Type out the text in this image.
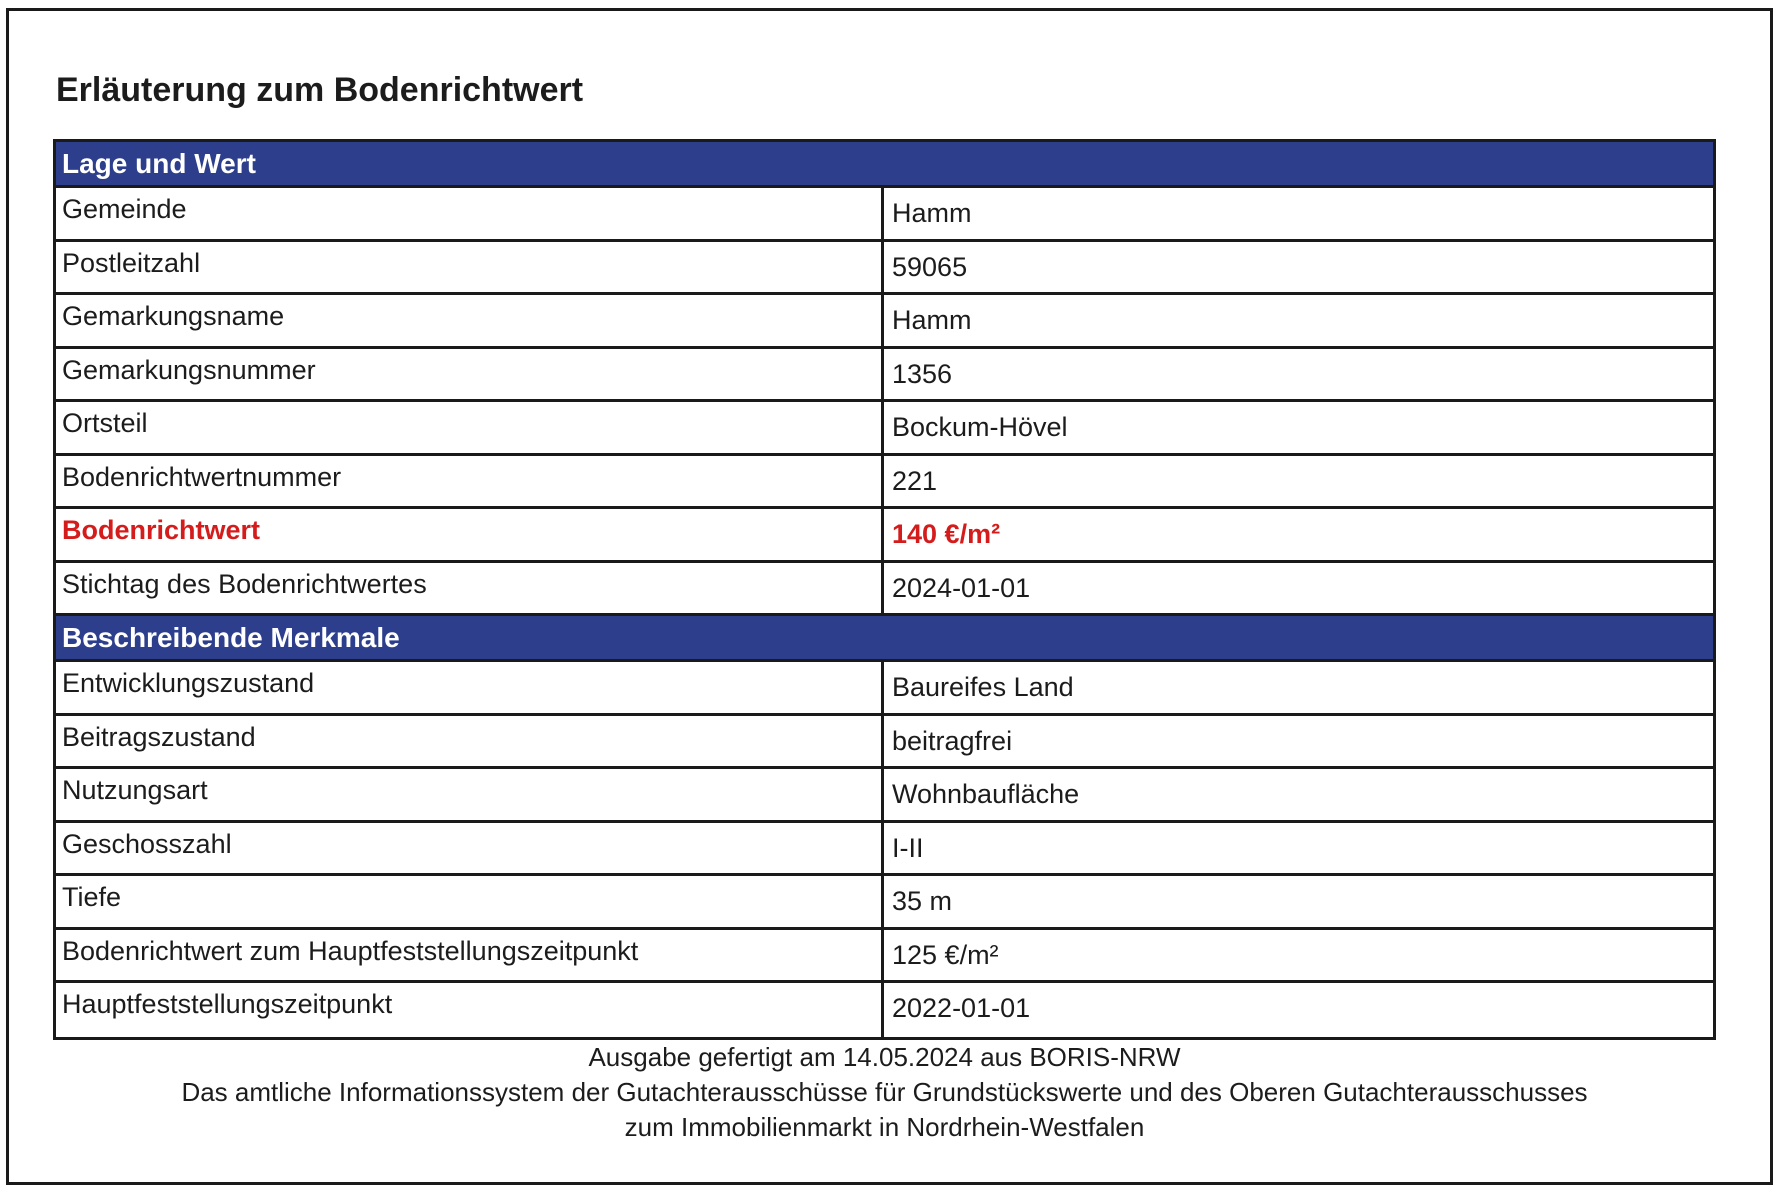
Erläuterung zum Bodenrichtwert
Lage und Wert
Gemeinde	Hamm
Postleitzahl	59065
Gemarkungsname	Hamm
Gemarkungsnummer	1356
Ortsteil	Bockum-Hövel
Bodenrichtwertnummer	221
Bodenrichtwert	140 €/m²
Stichtag des Bodenrichtwertes	2024-01-01
Beschreibende Merkmale
Entwicklungszustand	Baureifes Land
Beitragszustand	beitragfrei
Nutzungsart	Wohnbaufläche
Geschosszahl	I-II
Tiefe	35 m
Bodenrichtwert zum Hauptfeststellungszeitpunkt	125 €/m²
Hauptfeststellungszeitpunkt	2022-01-01
Ausgabe gefertigt am 14.05.2024 aus BORIS-NRW
Das amtliche Informationssystem der Gutachterausschüsse für Grundstückswerte und des Oberen Gutachterausschusses
zum Immobilienmarkt in Nordrhein-Westfalen
